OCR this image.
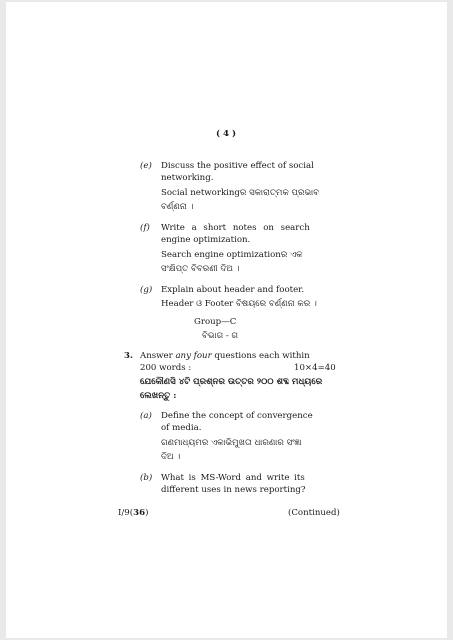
( 4 )
(e) Discuss the positive effect of social
networking.
Social networkingର ସକାରାତ୍ମକ ପ୍ରଭାବ
ବର୍ଣ୍ଣନା ।
(f) Write a short notes on search
engine optimization.
Search engine optimizationର ଏକ
ସଂକ୍ଷିପ୍ତ ବିବରଣୀ ଦିଅ ।
(g) Explain about header and footer.
Header ଓ Footer ବିଷୟରେ ବର୍ଣ୍ଣନା କର ।
Group—C
ବିଭାଗ - ଗ
3. Answer any four questions each within
200 words :	10×4=40
ଯେକୌଣସି ୪ଟି ପ୍ରଶ୍ନର ଉତ୍ତର ୨୦୦ ଶବ୍ଦ ମଧ୍ୟରେ
ଲେଖନ୍ତୁ :
(a) Define the concept of convergence
of media.
ଗଣମାଧ୍ୟମର ଏକାଭିମୁଖତା ଧାରଣାର ସଂଜ୍ଞା
ଦିଅ ।
(b) What is MS-Word and write its
different uses in news reporting?
I/9(36)	(Continued)
